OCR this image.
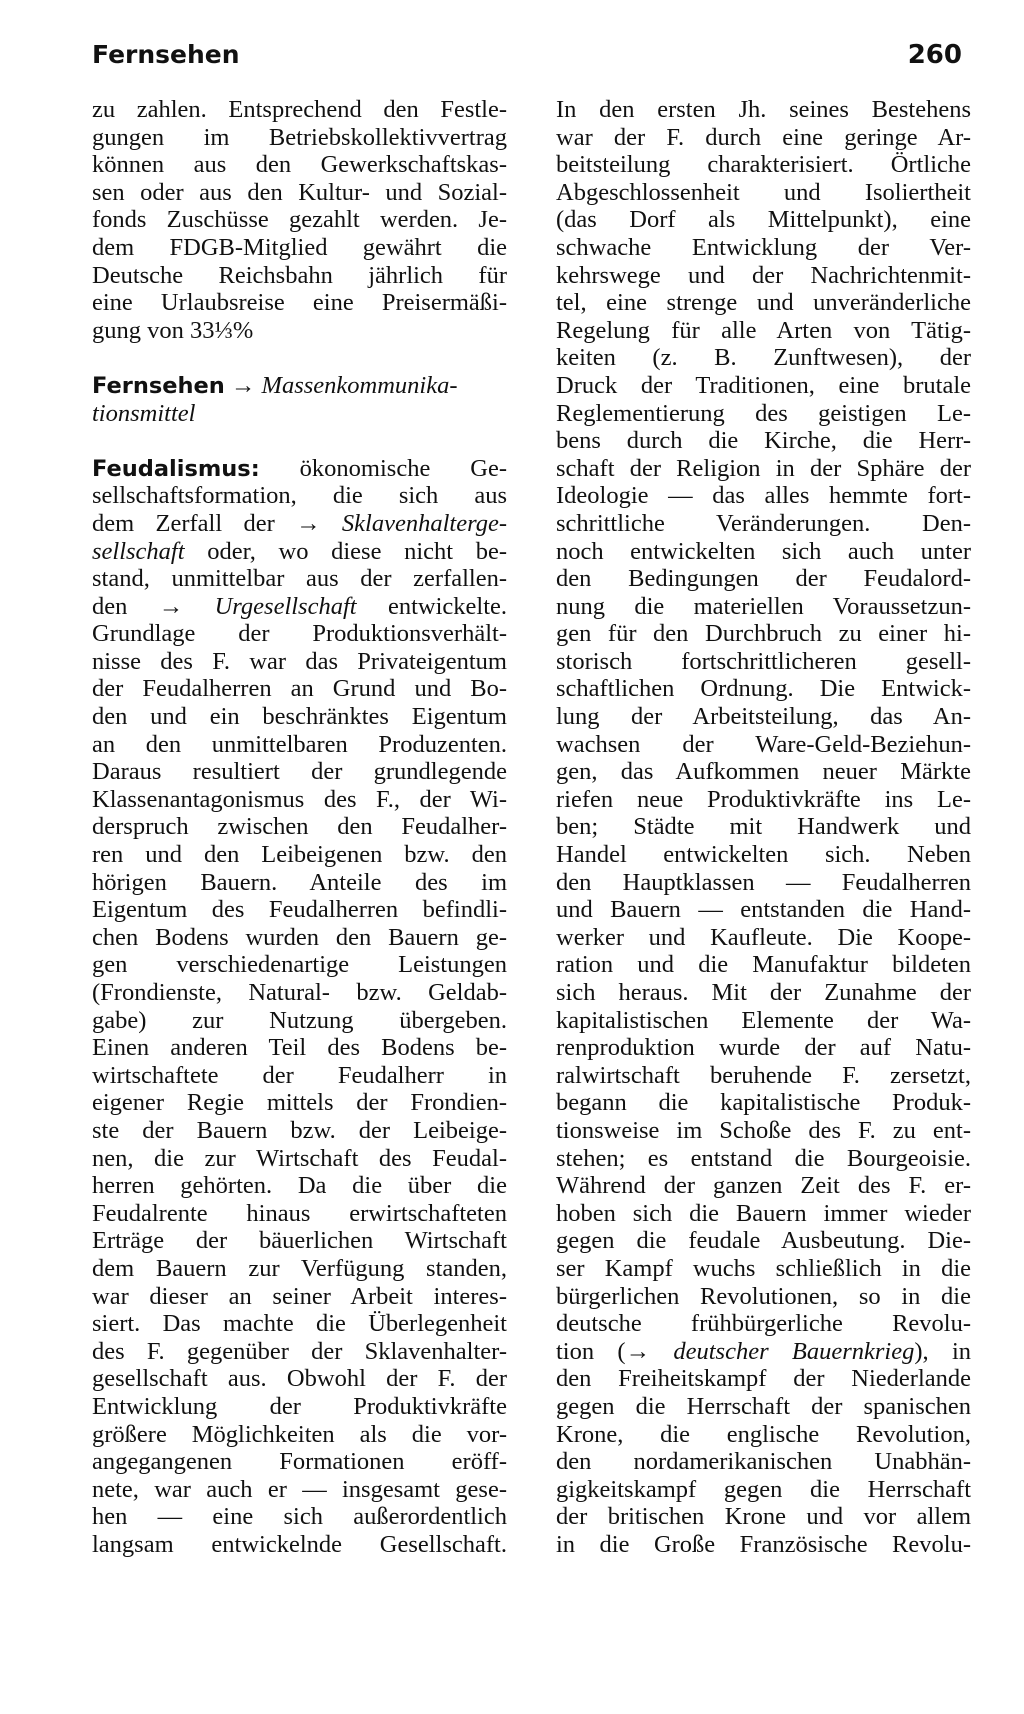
Fernsehen	260
zu zahlen. Entsprechend den Festle-
gungen im Betriebskollektivvertrag
können aus den Gewerkschaftskas-
sen oder aus den Kultur- und Sozial-
fonds Zuschüsse gezahlt werden. Je-
dem FDGB-Mitglied gewährt die
Deutsche Reichsbahn jährlich für
eine Urlaubsreise eine Preisermäßi-
gung von 33⅓%
Fernsehen → Massenkommunika-
tionsmittel
Feudalismus: ökonomische Ge-
sellschaftsformation, die sich aus
dem Zerfall der → Sklavenhalterge-
sellschaft oder, wo diese nicht be-
stand, unmittelbar aus der zerfallen-
den → Urgesellschaft entwickelte.
Grundlage der Produktionsverhält-
nisse des F. war das Privateigentum
der Feudalherren an Grund und Bo-
den und ein beschränktes Eigentum
an den unmittelbaren Produzenten.
Daraus resultiert der grundlegende
Klassenantagonismus des F., der Wi-
derspruch zwischen den Feudalher-
ren und den Leibeigenen bzw. den
hörigen Bauern. Anteile des im
Eigentum des Feudalherren befindli-
chen Bodens wurden den Bauern ge-
gen verschiedenartige Leistungen
(Frondienste, Natural- bzw. Geldab-
gabe) zur Nutzung übergeben.
Einen anderen Teil des Bodens be-
wirtschaftete der Feudalherr in
eigener Regie mittels der Frondien-
ste der Bauern bzw. der Leibeige-
nen, die zur Wirtschaft des Feudal-
herren gehörten. Da die über die
Feudalrente hinaus erwirtschafteten
Erträge der bäuerlichen Wirtschaft
dem Bauern zur Verfügung standen,
war dieser an seiner Arbeit interes-
siert. Das machte die Überlegenheit
des F. gegenüber der Sklavenhalter-
gesellschaft aus. Obwohl der F. der
Entwicklung der Produktivkräfte
größere Möglichkeiten als die vor-
angegangenen Formationen eröff-
nete, war auch er — insgesamt gese-
hen — eine sich außerordentlich
langsam entwickelnde Gesellschaft.
In den ersten Jh. seines Bestehens
war der F. durch eine geringe Ar-
beitsteilung charakterisiert. Örtliche
Abgeschlossenheit und Isoliertheit
(das Dorf als Mittelpunkt), eine
schwache Entwicklung der Ver-
kehrswege und der Nachrichtenmit-
tel, eine strenge und unveränderliche
Regelung für alle Arten von Tätig-
keiten (z. B. Zunftwesen), der
Druck der Traditionen, eine brutale
Reglementierung des geistigen Le-
bens durch die Kirche, die Herr-
schaft der Religion in der Sphäre der
Ideologie — das alles hemmte fort-
schrittliche Veränderungen. Den-
noch entwickelten sich auch unter
den Bedingungen der Feudalord-
nung die materiellen Voraussetzun-
gen für den Durchbruch zu einer hi-
storisch fortschrittlicheren gesell-
schaftlichen Ordnung. Die Entwick-
lung der Arbeitsteilung, das An-
wachsen der Ware-Geld-Beziehun-
gen, das Aufkommen neuer Märkte
riefen neue Produktivkräfte ins Le-
ben; Städte mit Handwerk und
Handel entwickelten sich. Neben
den Hauptklassen — Feudalherren
und Bauern — entstanden die Hand-
werker und Kaufleute. Die Koope-
ration und die Manufaktur bildeten
sich heraus. Mit der Zunahme der
kapitalistischen Elemente der Wa-
renproduktion wurde der auf Natu-
ralwirtschaft beruhende F. zersetzt,
begann die kapitalistische Produk-
tionsweise im Schoße des F. zu ent-
stehen; es entstand die Bourgeoisie.
Während der ganzen Zeit des F. er-
hoben sich die Bauern immer wieder
gegen die feudale Ausbeutung. Die-
ser Kampf wuchs schließlich in die
bürgerlichen Revolutionen, so in die
deutsche frühbürgerliche Revolu-
tion (→ deutscher Bauernkrieg), in
den Freiheitskampf der Niederlande
gegen die Herrschaft der spanischen
Krone, die englische Revolution,
den nordamerikanischen Unabhän-
gigkeitskampf gegen die Herrschaft
der britischen Krone und vor allem
in die Große Französische Revolu-
